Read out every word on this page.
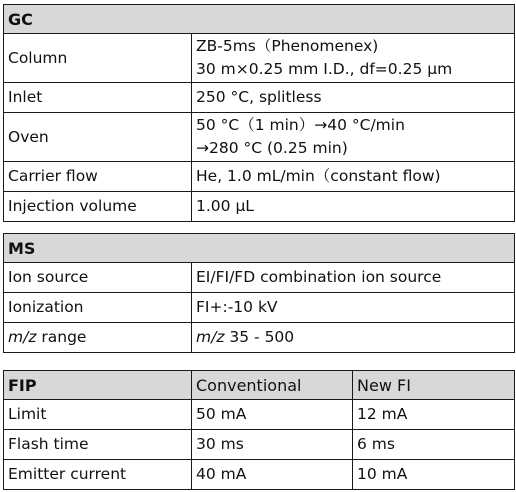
GC	
Column	ZB-5ms（Phenomenex)
30 m×0.25 mm I.D., df=0.25 µm

Inlet	250 °C, splitless
Oven	50 °C（1 min）→40 °C/min
→280 °C (0.25 min)

Carrier flow	He, 1.0 mL/min（constant flow)
Injection volume	1.00 µL
MS	
Ion source	EI/FI/FD combination ion source
Ionization	FI+:-10 kV
m/z range	m/z 35 - 500
FIP	Conventional	New FI
Limit	50 mA	12 mA
Flash time	30 ms	6 ms
Emitter current	40 mA	10 mA
